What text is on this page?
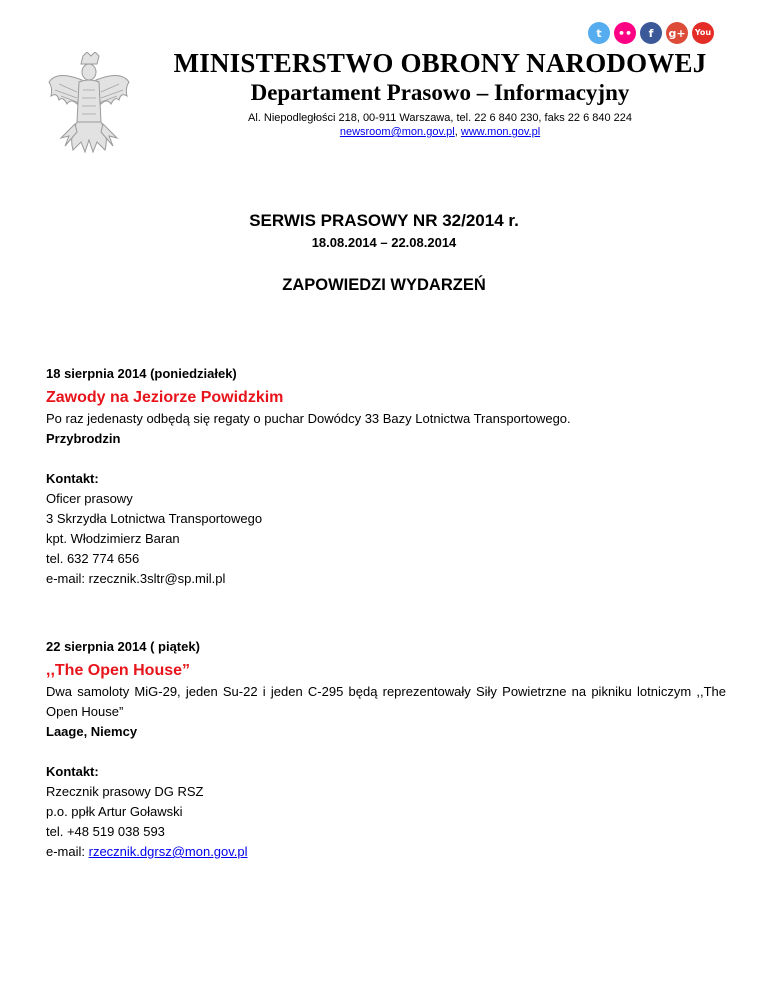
t •• f g+ You
MINISTERSTWO OBRONY NARODOWEJ
Departament Prasowo – Informacyjny
Al. Niepodległości 218, 00-911 Warszawa, tel. 22 6 840 230, faks 22 6 840 224
newsroom@mon.gov.pl, www.mon.gov.pl
SERWIS PRASOWY NR 32/2014 r.
18.08.2014 – 22.08.2014
ZAPOWIEDZI WYDARZEŃ
18 sierpnia 2014 (poniedziałek)
Zawody na Jeziorze Powidzkim
Po raz jedenasty odbędą się regaty o puchar Dowódcy 33 Bazy Lotnictwa Transportowego.
Przybrodzin
Kontakt:
Oficer prasowy
3 Skrzydła Lotnictwa Transportowego
kpt. Włodzimierz Baran
tel. 632 774 656
e-mail: rzecznik.3sltr@sp.mil.pl
22 sierpnia 2014 ( piątek)
,,The Open House”
Dwa samoloty MiG-29, jeden Su-22 i jeden C-295 będą reprezentowały Siły Powietrzne na pikniku lotniczym ,,The Open House”
Laage, Niemcy
Kontakt:
Rzecznik prasowy DG RSZ
p.o. ppłk Artur Goławski
tel. +48 519 038 593
e-mail: rzecznik.dgrsz@mon.gov.pl
